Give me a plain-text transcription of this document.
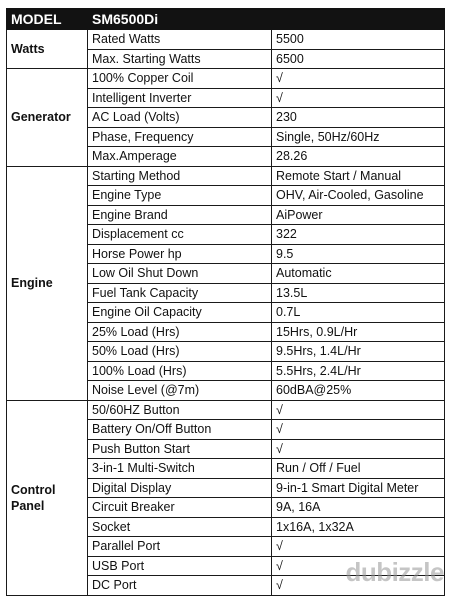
MODEL	SM6500Di	
Watts	Rated Watts	5500
	Max. Starting Watts	6500
Generator	100% Copper Coil	√
	Intelligent Inverter	√
	AC Load (Volts)	230
	Phase, Frequency	Single, 50Hz/60Hz
	Max.Amperage	28.26
Engine	Starting Method	Remote Start / Manual
	Engine Type	OHV, Air-Cooled, Gasoline
	Engine Brand	AiPower
	Displacement cc	322
	Horse Power hp	9.5
	Low Oil Shut Down	Automatic
	Fuel Tank Capacity	13.5L
	Engine Oil Capacity	0.7L
	25% Load (Hrs)	15Hrs, 0.9L/Hr
	50% Load (Hrs)	9.5Hrs, 1.4L/Hr
	100% Load (Hrs)	5.5Hrs, 2.4L/Hr
	Noise Level (@7m)	60dBA@25%
Control Panel	50/60HZ Button	√
	Battery On/Off Button	√
	Push Button Start	√
	3-in-1 Multi-Switch	Run / Off / Fuel
	Digital Display	9-in-1 Smart Digital Meter
	Circuit Breaker	9A, 16A
	Socket	1x16A, 1x32A
	Parallel Port	√
	USB Port	√
	DC Port	√ dubizzle
